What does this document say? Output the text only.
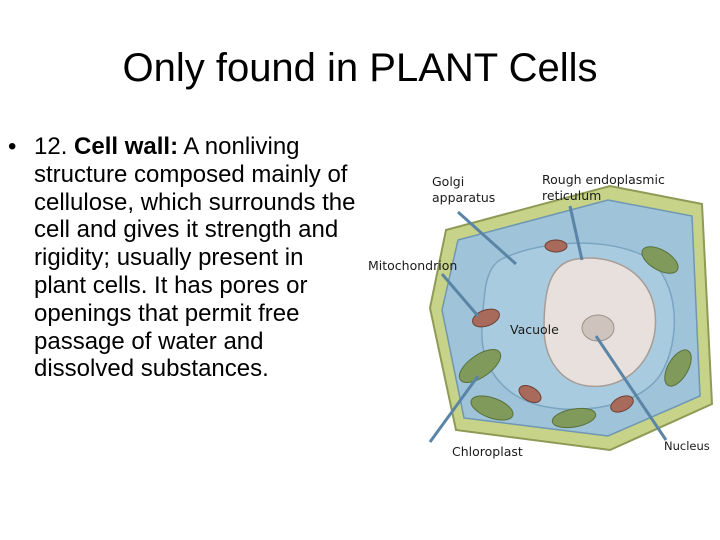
Only found in PLANT Cells
• 12. Cell wall: A nonliving structure composed mainly of cellulose, which surrounds the cell and gives it strength and rigidity; usually present in plant cells. It has pores or openings that permit free passage of water and dissolved substances.
Golgi
apparatus
Rough endoplasmic
reticulum
Mitochondrion
Vacuole
Chloroplast	Nucleus
